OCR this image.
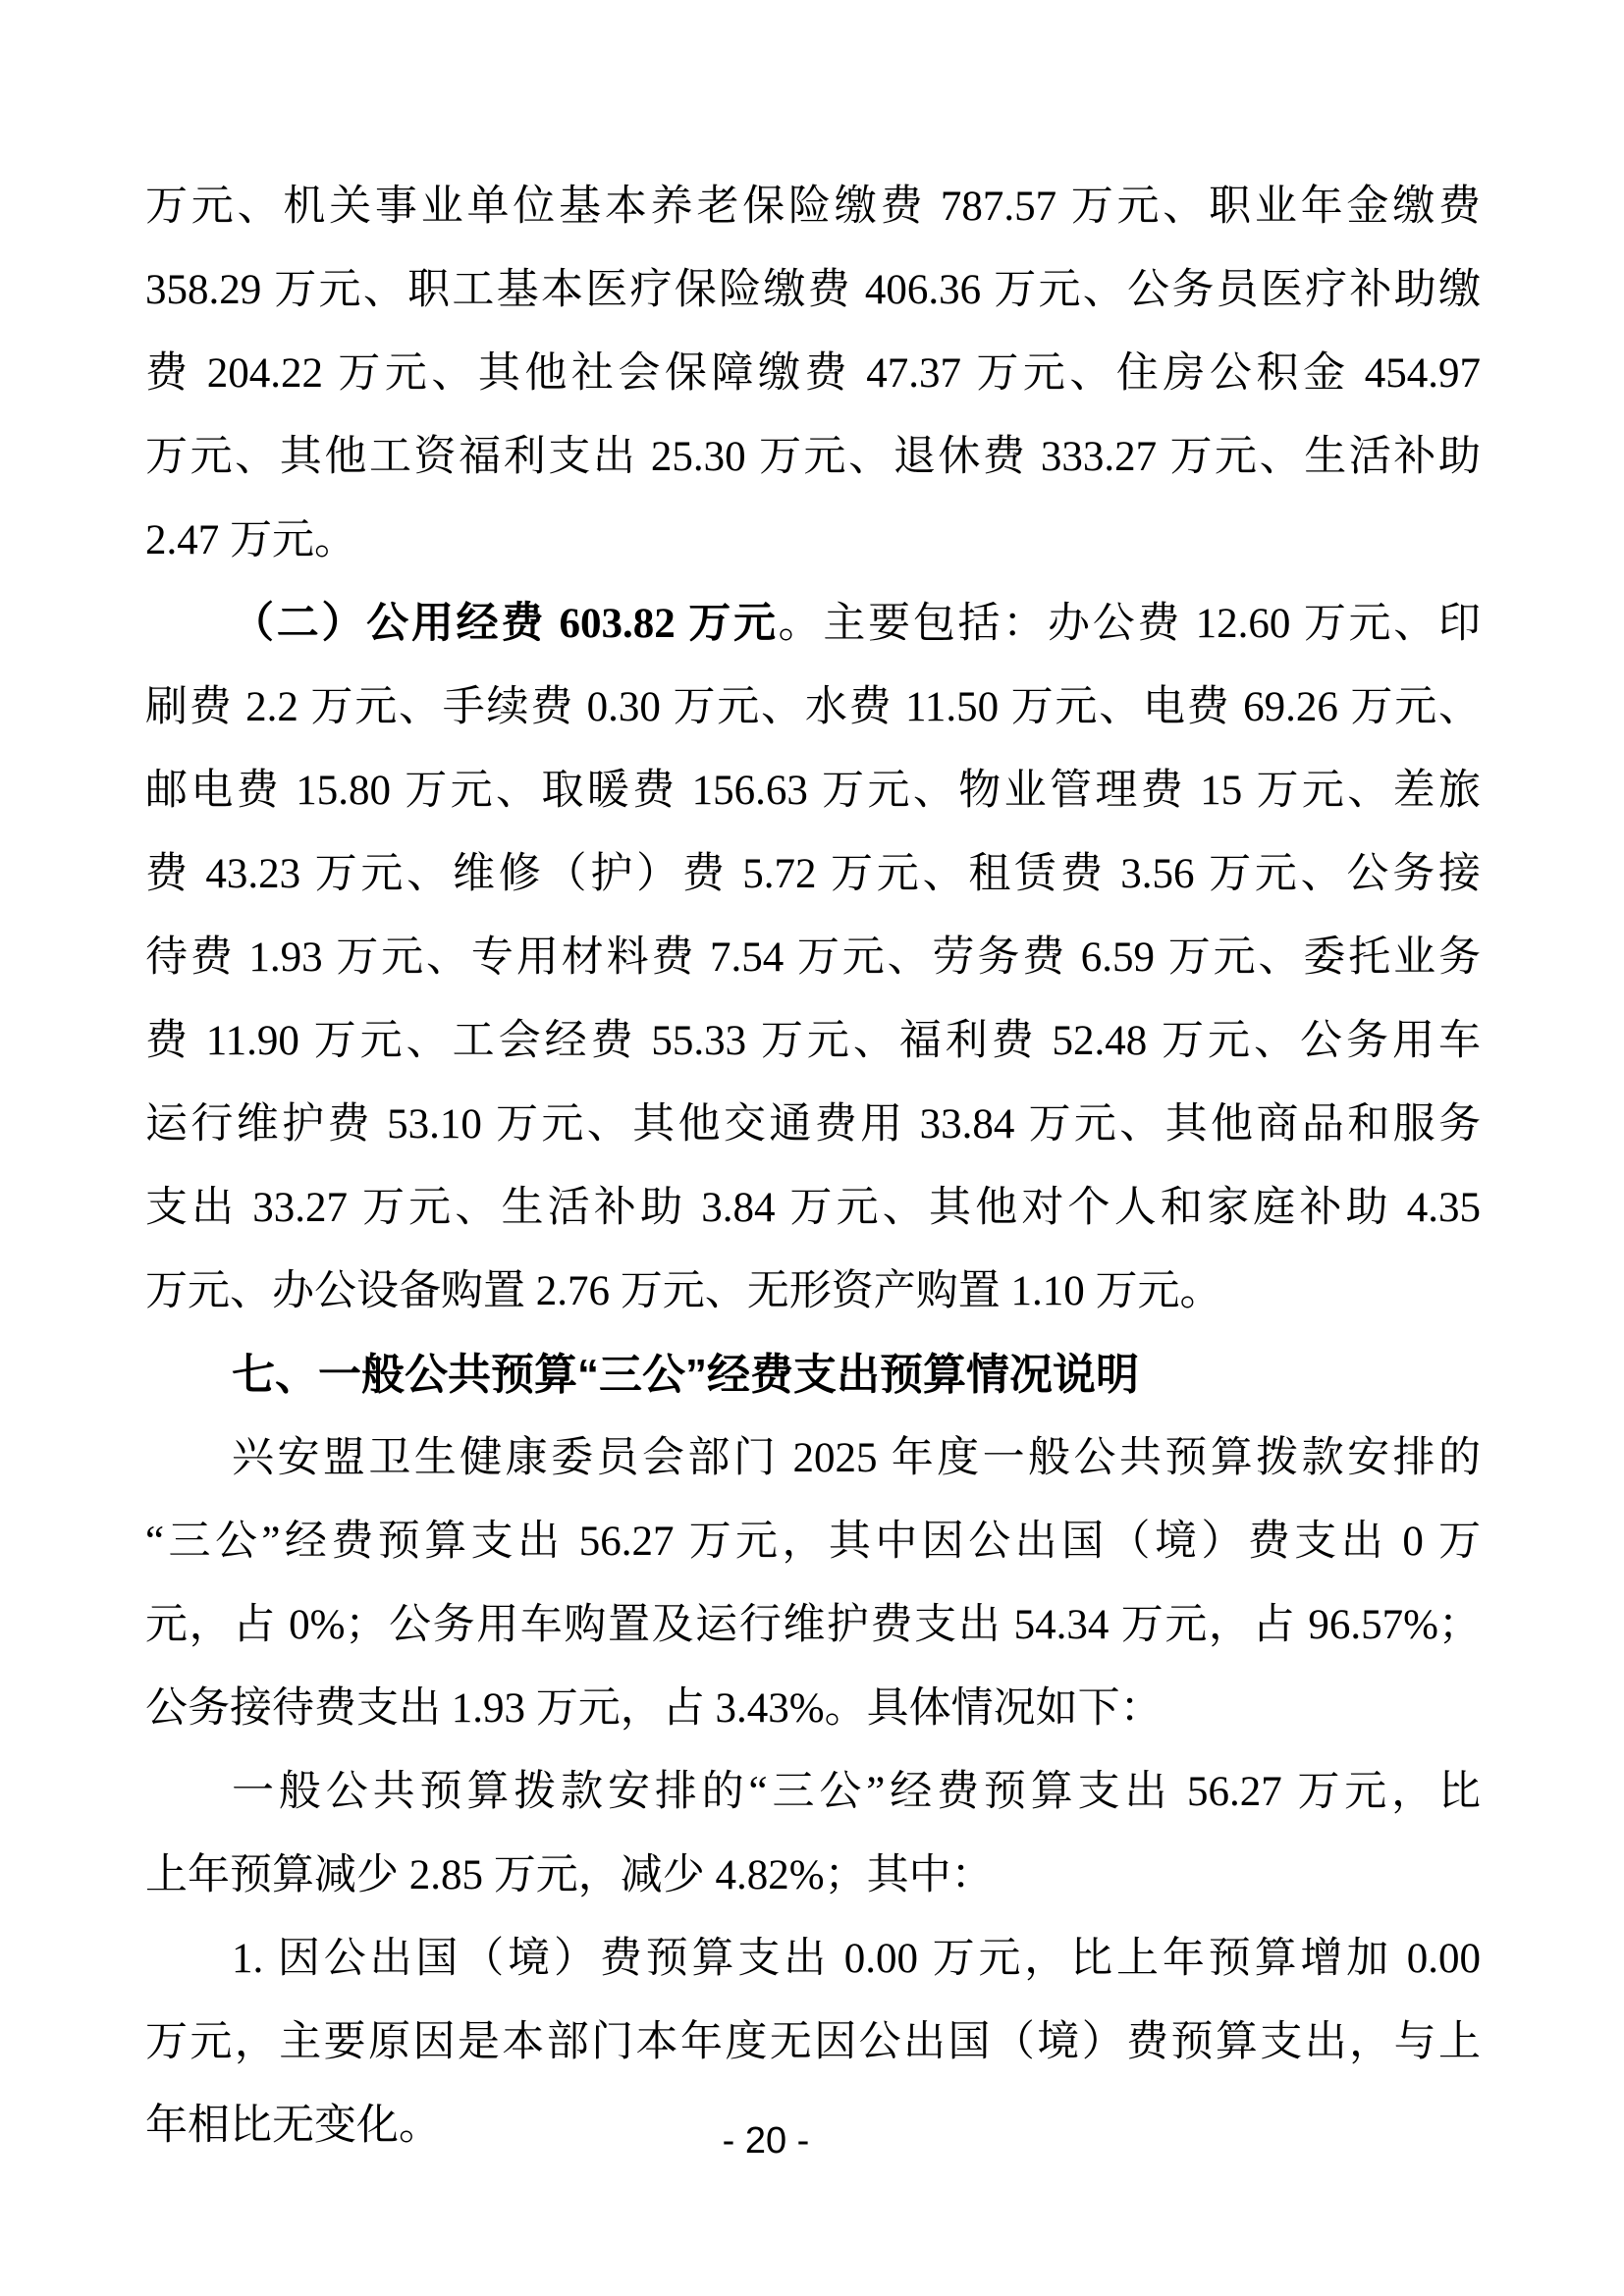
万元、机关事业单位基本养老保险缴费 787.57 万元、职业年金缴费
358.29 万元、职工基本医疗保险缴费 406.36 万元、公务员医疗补助缴
费 204.22 万元、其他社会保障缴费 47.37 万元、住房公积金 454.97
万元、其他工资福利支出 25.30 万元、退休费 333.27 万元、生活补助
2.47 万元。
（二）公用经费 603.82 万元。主要包括：办公费 12.60 万元、印
刷费 2.2 万元、手续费 0.30 万元、水费 11.50 万元、电费 69.26 万元、
邮电费 15.80 万元、取暖费 156.63 万元、物业管理费 15 万元、差旅
费 43.23 万元、维修（护）费 5.72 万元、租赁费 3.56 万元、公务接
待费 1.93 万元、专用材料费 7.54 万元、劳务费 6.59 万元、委托业务
费 11.90 万元、工会经费 55.33 万元、福利费 52.48 万元、公务用车
运行维护费 53.10 万元、其他交通费用 33.84 万元、其他商品和服务
支出 33.27 万元、生活补助 3.84 万元、其他对个人和家庭补助 4.35
万元、办公设备购置 2.76 万元、无形资产购置 1.10 万元。
七、一般公共预算“三公”经费支出预算情况说明
兴安盟卫生健康委员会部门 2025 年度一般公共预算拨款安排的
“三公”经费预算支出 56.27 万元，其中因公出国（境）费支出 0 万
元，占 0%；公务用车购置及运行维护费支出 54.34 万元，占 96.57%；
公务接待费支出 1.93 万元，占 3.43%。具体情况如下：
一般公共预算拨款安排的“三公”经费预算支出 56.27 万元，比
上年预算减少 2.85 万元，减少 4.82%；其中：
1. 因公出国（境）费预算支出 0.00 万元，比上年预算增加 0.00
万元，主要原因是本部门本年度无因公出国（境）费预算支出，与上
年相比无变化。	- 20 -
